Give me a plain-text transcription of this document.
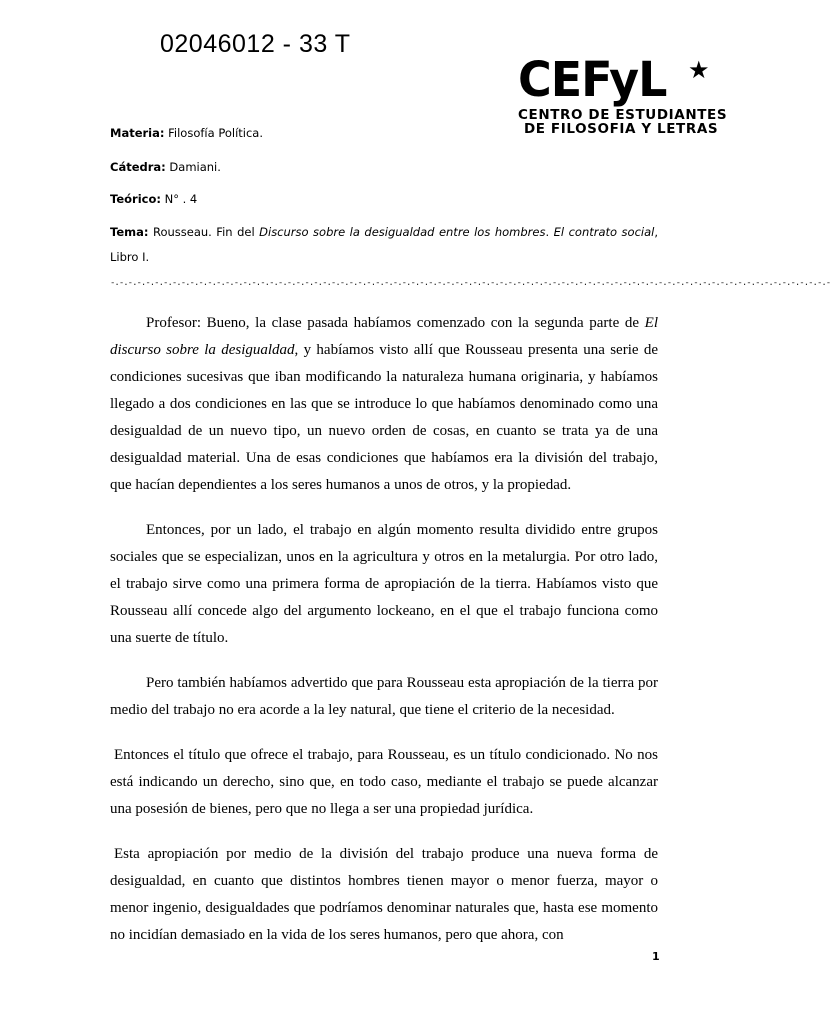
02046012 - 33 T
CEFyL ★
CENTRO DE ESTUDIANTES
DE FILOSOFIA Y LETRAS
Materia: Filosofía Política.
Cátedra: Damiani.
Teórico: N° . 4
Tema: Rousseau. Fin del Discurso sobre la desigualdad entre los hombres. El contrato social, Libro I.
-.-.-.-.-.-.-.-.-.-.-.-.-.-.-.-.-.-.-.-.-.-.-.-.-.-.-.-.-.-.-.-.-.-.-.-.-.-.-.-.-.-.-.-.-.-.-.-.-.-.-.-.-.-.-.-.-.-.-.-.-.-.-.-.-.-.-.-.-.-.-.-.-.-.-.-.-.-.-.-.-.-

Profesor: Bueno, la clase pasada habíamos comenzado con la segunda parte de El discurso sobre la desigualdad, y habíamos visto allí que Rousseau presenta una serie de condiciones sucesivas que iban modificando la naturaleza humana originaria, y habíamos llegado a dos condiciones en las que se introduce lo que habíamos denominado como una desigualdad de un nuevo tipo, un nuevo orden de cosas, en cuanto se trata ya de una desigualdad material. Una de esas condiciones que habíamos era la división del trabajo, que hacían dependientes a los seres humanos a unos de otros, y la propiedad.

Entonces, por un lado, el trabajo en algún momento resulta dividido entre grupos sociales que se especializan, unos en la agricultura y otros en la metalurgia. Por otro lado, el trabajo sirve como una primera forma de apropiación de la tierra. Habíamos visto que Rousseau allí concede algo del argumento lockeano, en el que el trabajo funciona como una suerte de título.

Pero también habíamos advertido que para Rousseau esta apropiación de la tierra por medio del trabajo no era acorde a la ley natural, que tiene el criterio de la necesidad.

Entonces el título que ofrece el trabajo, para Rousseau, es un título condicionado. No nos está indicando un derecho, sino que, en todo caso, mediante el trabajo se puede alcanzar una posesión de bienes, pero que no llega a ser una propiedad jurídica.

Esta apropiación por medio de la división del trabajo produce una nueva forma de desigualdad, en cuanto que distintos hombres tienen mayor o menor fuerza, mayor o menor ingenio, desigualdades que podríamos denominar naturales que, hasta ese momento no incidían demasiado en la vida de los seres humanos, pero que ahora, con

1
